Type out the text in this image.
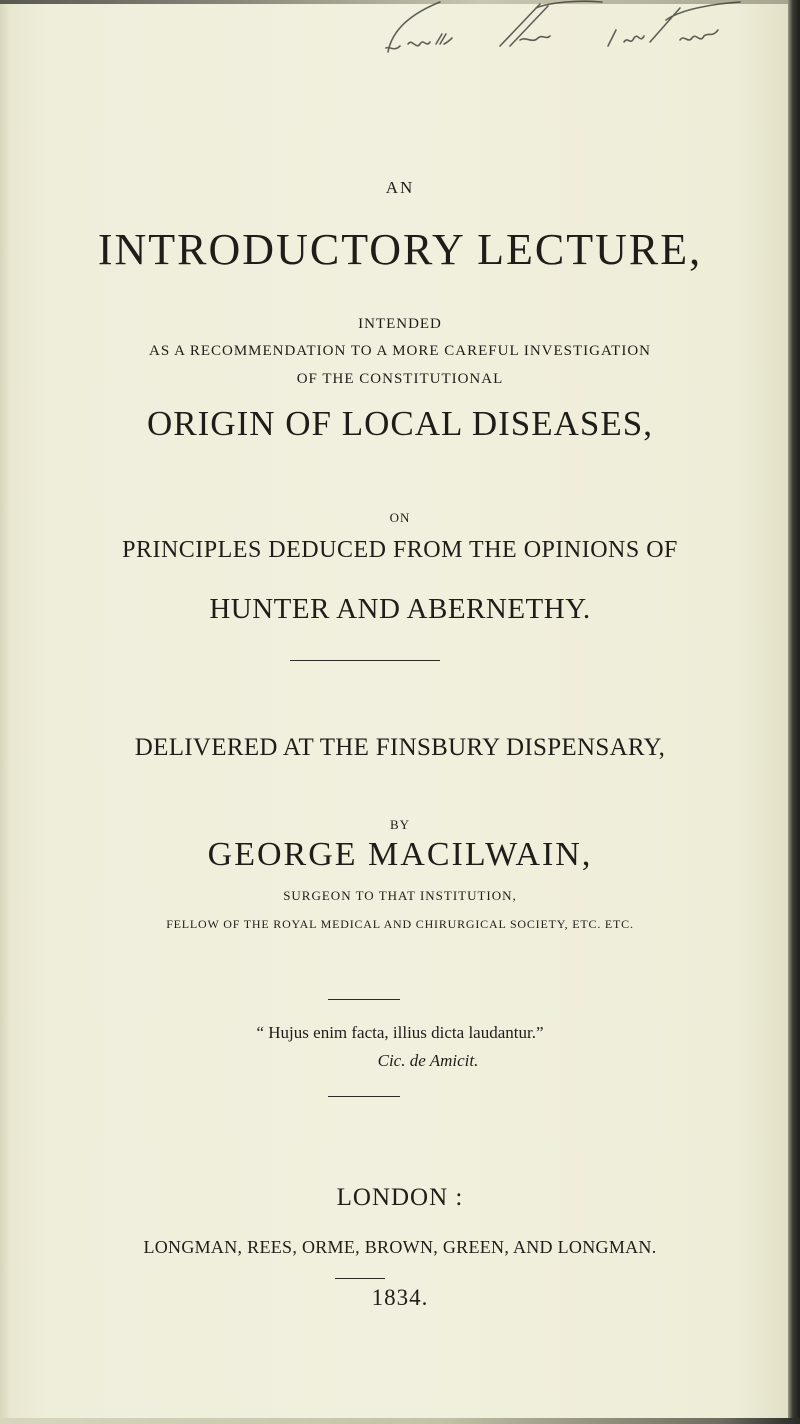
AN
INTRODUCTORY LECTURE,
INTENDED
AS A RECOMMENDATION TO A MORE CAREFUL INVESTIGATION
OF THE CONSTITUTIONAL
ORIGIN OF LOCAL DISEASES,
ON
PRINCIPLES DEDUCED FROM THE OPINIONS OF
HUNTER AND ABERNETHY.
DELIVERED AT THE FINSBURY DISPENSARY,
BY
GEORGE MACILWAIN,
SURGEON TO THAT INSTITUTION,
FELLOW OF THE ROYAL MEDICAL AND CHIRURGICAL SOCIETY, ETC. ETC.
“ Hujus enim facta, illius dicta laudantur.”
Cic. de Amicit.
LONDON :
LONGMAN, REES, ORME, BROWN, GREEN, AND LONGMAN.
1834.
